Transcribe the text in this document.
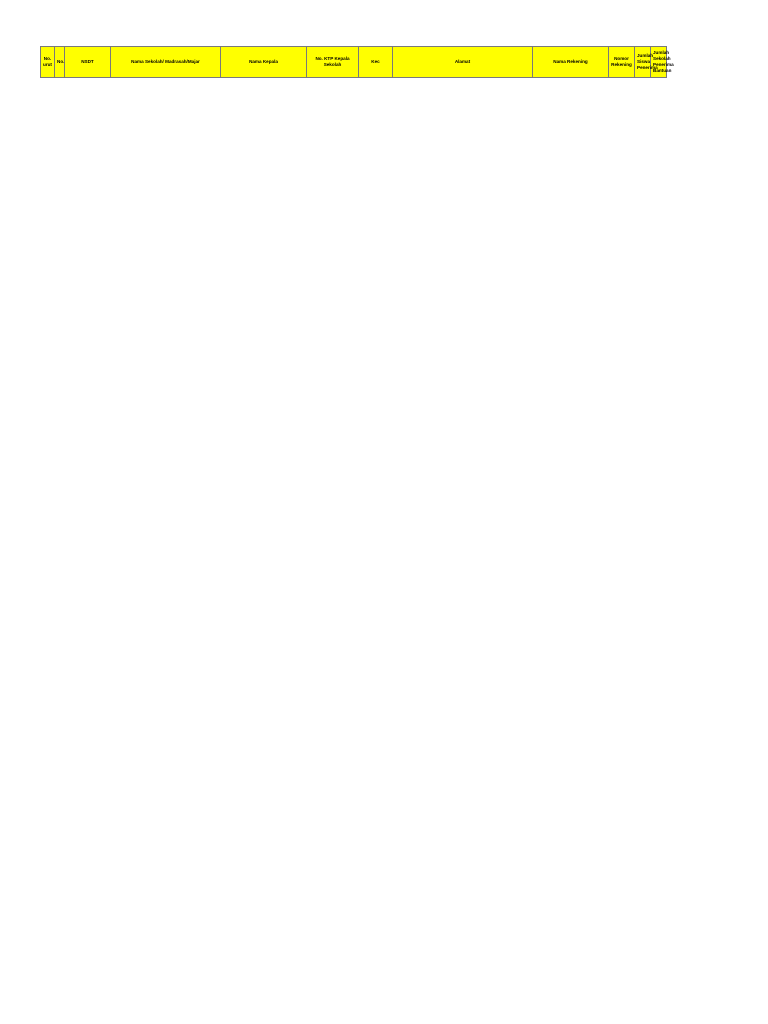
No. urut	No.	NSDT	Nama Sekolah/ Madrasah/Majar	Nama Kepala	No. KTP Kepala Sekolah	Kec	Alamat	Nama Rekening	Nomor Rekening	Jumlah Siswa Penerima	Jumlah Sekolah Penerima Bantuan
